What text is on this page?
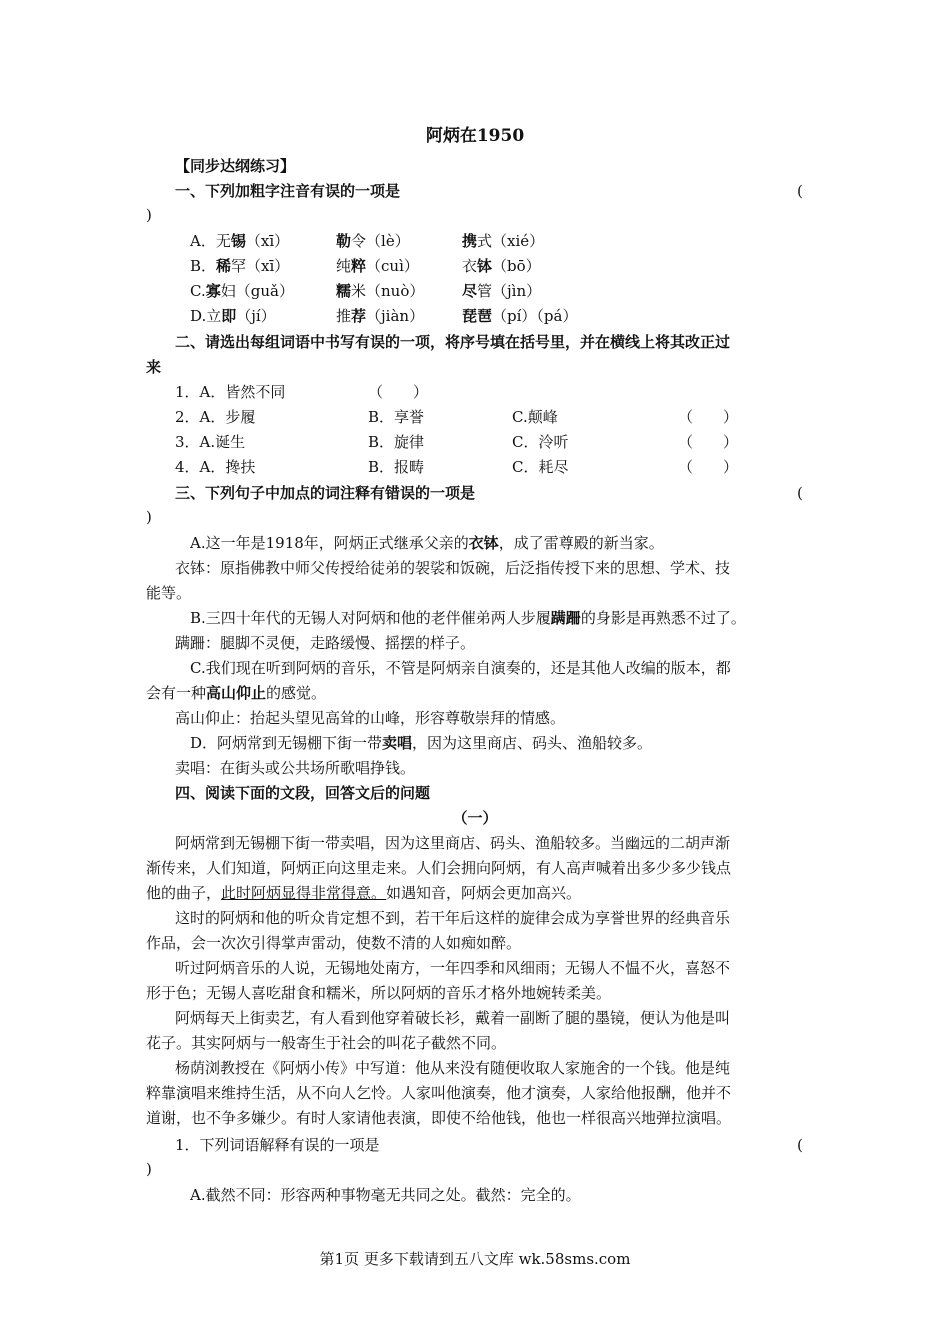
阿炳在1950
【同步达纲练习】
一、下列加粗字注音有误的一项是	(
)
A．无锡（xī）	勒令（lè）	携式（xié）
B．稀罕（xī）	纯粹（cuì）	衣钵（bō）
C.寡妇（guǎ）	糯米（nuò）	尽管（jìn）
D.立即（jí）	推荐（jiàn）	琵琶（pí）（pá）
二、请选出每组词语中书写有误的一项，将序号填在括号里，并在横线上将其改正过
来
1．A．皆然不同	（　　）
2．A．步履	B．享誉	C.颠峰	（　　）
3．A.诞生	B．旋律	C．泠听	（　　）
4．A．搀扶	B．报畴	C．耗尽	（　　）
三、下列句子中加点的词注释有错误的一项是	(
)
A.这一年是1918年，阿炳正式继承父亲的衣钵，成了雷尊殿的新当家。
衣钵：原指佛教中师父传授给徒弟的袈裟和饭碗，后泛指传授下来的思想、学术、技
能等。
B.三四十年代的无锡人对阿炳和他的老伴催弟两人步履蹒跚的身影是再熟悉不过了。
蹒跚：腿脚不灵便，走路缓慢、摇摆的样子。
C.我们现在听到阿炳的音乐，不管是阿炳亲自演奏的，还是其他人改编的版本，都
会有一种高山仰止的感觉。
高山仰止：抬起头望见高耸的山峰，形容尊敬崇拜的情感。
D．阿炳常到无锡棚下街一带卖唱，因为这里商店、码头、渔船较多。
卖唱：在街头或公共场所歌唱挣钱。
四、阅读下面的文段，回答文后的问题
（一）
阿炳常到无锡棚下街一带卖唱，因为这里商店、码头、渔船较多。当幽远的二胡声渐
渐传来，人们知道，阿炳正向这里走来。人们会拥向阿炳，有人高声喊着出多少多少钱点
他的曲子，此时阿炳显得非常得意。如遇知音，阿炳会更加高兴。
这时的阿炳和他的听众肯定想不到，若干年后这样的旋律会成为享誉世界的经典音乐
作品，会一次次引得掌声雷动，使数不清的人如痴如醉。
听过阿炳音乐的人说，无锡地处南方，一年四季和风细雨；无锡人不愠不火，喜怒不
形于色；无锡人喜吃甜食和糯米，所以阿炳的音乐才格外地婉转柔美。
阿炳每天上街卖艺，有人看到他穿着破长衫，戴着一副断了腿的墨镜，便认为他是叫
花子。其实阿炳与一般寄生于社会的叫花子截然不同。
杨荫浏教授在《阿炳小传》中写道：他从来没有随便收取人家施舍的一个钱。他是纯
粹靠演唱来维持生活，从不向人乞怜。人家叫他演奏，他才演奏，人家给他报酬，他并不
道谢，也不争多嫌少。有时人家请他表演，即使不给他钱，他也一样很高兴地弹拉演唱。
1．下列词语解释有误的一项是	(
)
A.截然不同：形容两种事物毫无共同之处。截然：完全的。
第1页 更多下载请到五八文库 wk.58sms.com
